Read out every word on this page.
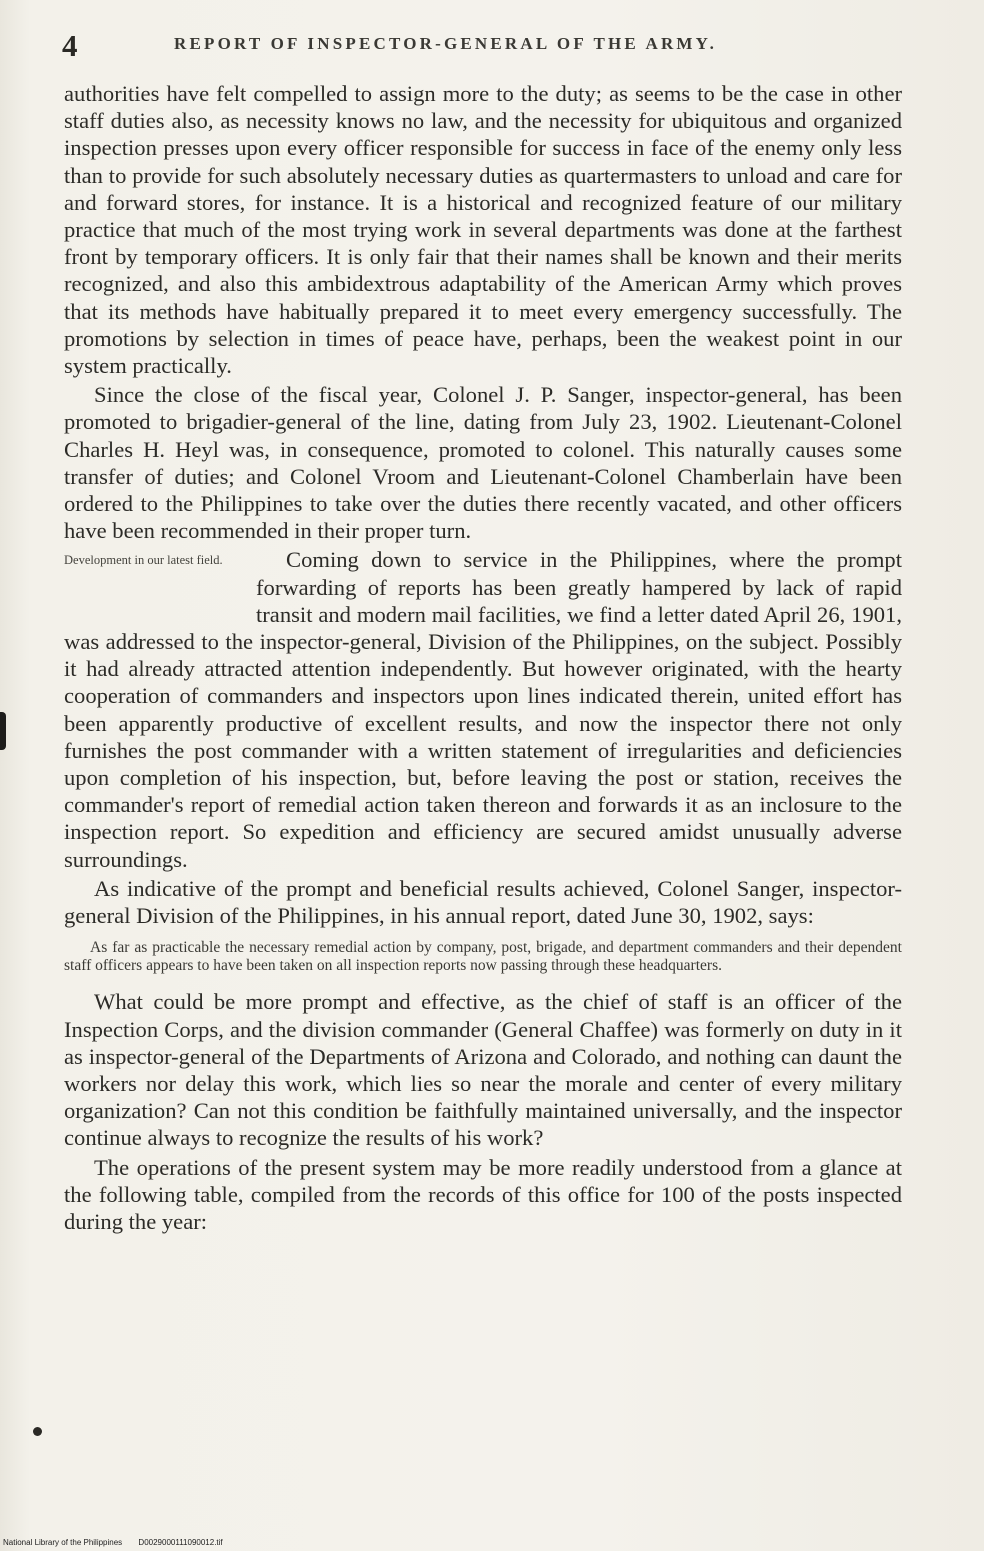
4	REPORT OF INSPECTOR-GENERAL OF THE ARMY.

authorities have felt compelled to assign more to the duty; as seems to be the case in other staff duties also, as necessity knows no law, and the necessity for ubiquitous and organized inspection presses upon every officer responsible for success in face of the enemy only less than to provide for such absolutely necessary duties as quartermasters to unload and care for and forward stores, for instance. It is a historical and recognized feature of our military practice that much of the most trying work in several departments was done at the farthest front by temporary officers. It is only fair that their names shall be known and their merits recognized, and also this ambidextrous adaptability of the American Army which proves that its methods have habitually prepared it to meet every emergency successfully. The promotions by selection in times of peace have, perhaps, been the weakest point in our system practically.

Since the close of the fiscal year, Colonel J. P. Sanger, inspector-general, has been promoted to brigadier-general of the line, dating from July 23, 1902. Lieutenant-Colonel Charles H. Heyl was, in consequence, promoted to colonel. This naturally causes some transfer of duties; and Colonel Vroom and Lieutenant-Colonel Chamberlain have been ordered to the Philippines to take over the duties there recently vacated, and other officers have been recommended in their proper turn.

Development in our latest field.	Coming down to service in the Philippines, where the prompt forwarding of reports has been greatly hampered by lack of rapid transit and modern mail facilities, we find a letter dated April 26, 1901, was addressed to the inspector-general, Division of the Philippines, on the subject. Possibly it had already attracted attention independently. But however originated, with the hearty cooperation of commanders and inspectors upon lines indicated therein, united effort has been apparently productive of excellent results, and now the inspector there not only furnishes the post commander with a written statement of irregularities and deficiencies upon completion of his inspection, but, before leaving the post or station, receives the commander's report of remedial action taken thereon and forwards it as an inclosure to the inspection report. So expedition and efficiency are secured amidst unusually adverse surroundings.

As indicative of the prompt and beneficial results achieved, Colonel Sanger, inspector-general Division of the Philippines, in his annual report, dated June 30, 1902, says:

As far as practicable the necessary remedial action by company, post, brigade, and department commanders and their dependent staff officers appears to have been taken on all inspection reports now passing through these headquarters.

What could be more prompt and effective, as the chief of staff is an officer of the Inspection Corps, and the division commander (General Chaffee) was formerly on duty in it as inspector-general of the Departments of Arizona and Colorado, and nothing can daunt the workers nor delay this work, which lies so near the morale and center of every military organization? Can not this condition be faithfully maintained universally, and the inspector continue always to recognize the results of his work?

The operations of the present system may be more readily understood from a glance at the following table, compiled from the records of this office for 100 of the posts inspected during the year:

National Library of the Philippines D0029000111090012.tif
